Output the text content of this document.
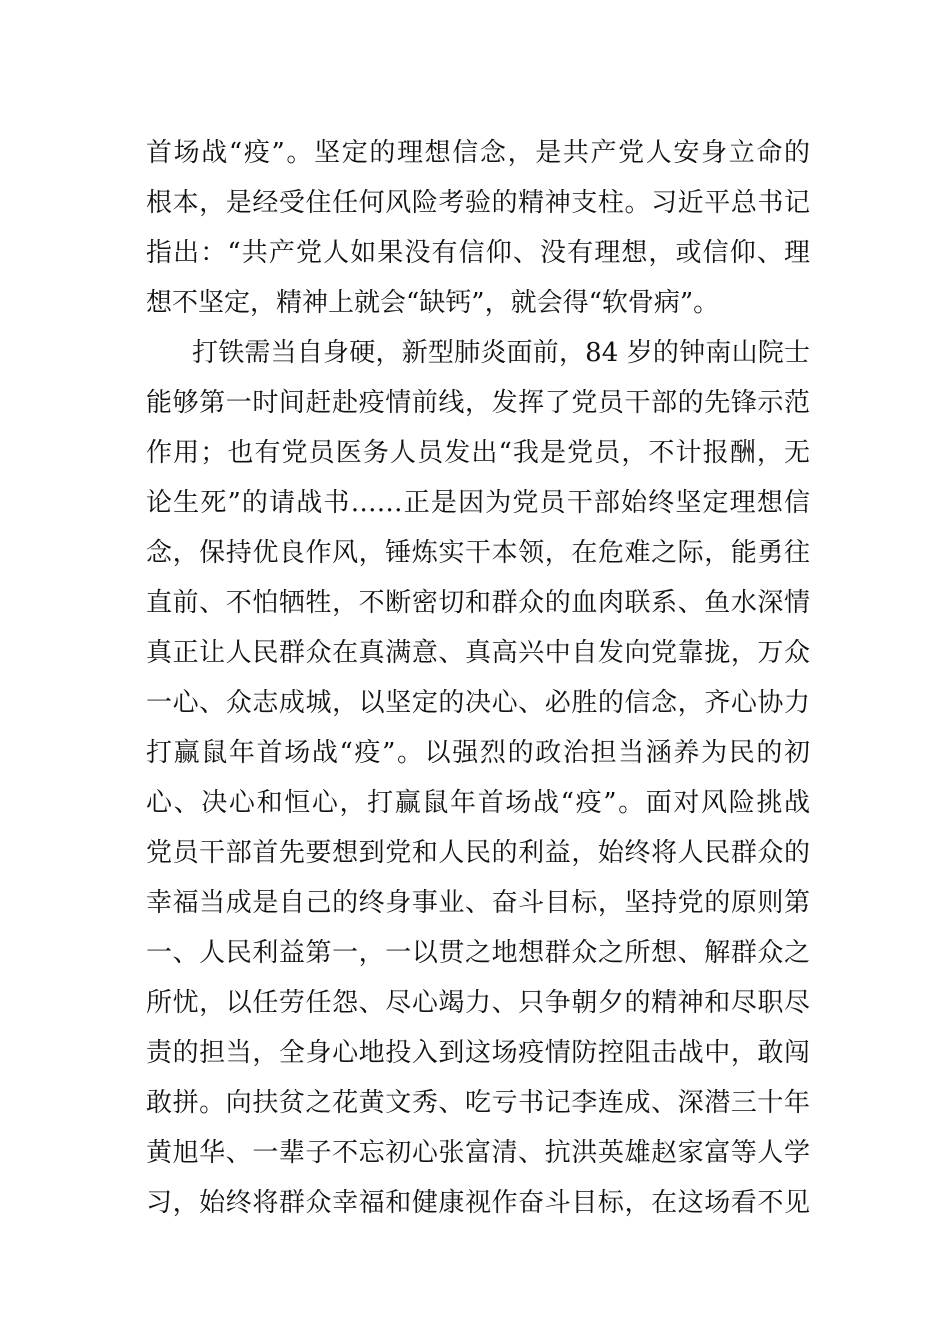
首场战“疫”。坚定的理想信念，是共产党人安身立命的
根本，是经受住任何风险考验的精神支柱。习近平总书记
指出：“共产党人如果没有信仰、没有理想，或信仰、理
想不坚定，精神上就会“缺钙”，就会得“软骨病”。
打铁需当自身硬，新型肺炎面前，84 岁的钟南山院士
能够第一时间赶赴疫情前线，发挥了党员干部的先锋示范
作用；也有党员医务人员发出“我是党员，不计报酬，无
论生死”的请战书……正是因为党员干部始终坚定理想信
念，保持优良作风，锤炼实干本领，在危难之际，能勇往
直前、不怕牺牲，不断密切和群众的血肉联系、鱼水深情
真正让人民群众在真满意、真高兴中自发向党靠拢，万众
一心、众志成城，以坚定的决心、必胜的信念，齐心协力
打赢鼠年首场战“疫”。以强烈的政治担当涵养为民的初
心、决心和恒心，打赢鼠年首场战“疫”。面对风险挑战
党员干部首先要想到党和人民的利益，始终将人民群众的
幸福当成是自己的终身事业、奋斗目标，坚持党的原则第
一、人民利益第一，一以贯之地想群众之所想、解群众之
所忧，以任劳任怨、尽心竭力、只争朝夕的精神和尽职尽
责的担当，全身心地投入到这场疫情防控阻击战中，敢闯
敢拼。向扶贫之花黄文秀、吃亏书记李连成、深潜三十年
黄旭华、一辈子不忘初心张富清、抗洪英雄赵家富等人学
习，始终将群众幸福和健康视作奋斗目标，在这场看不见
